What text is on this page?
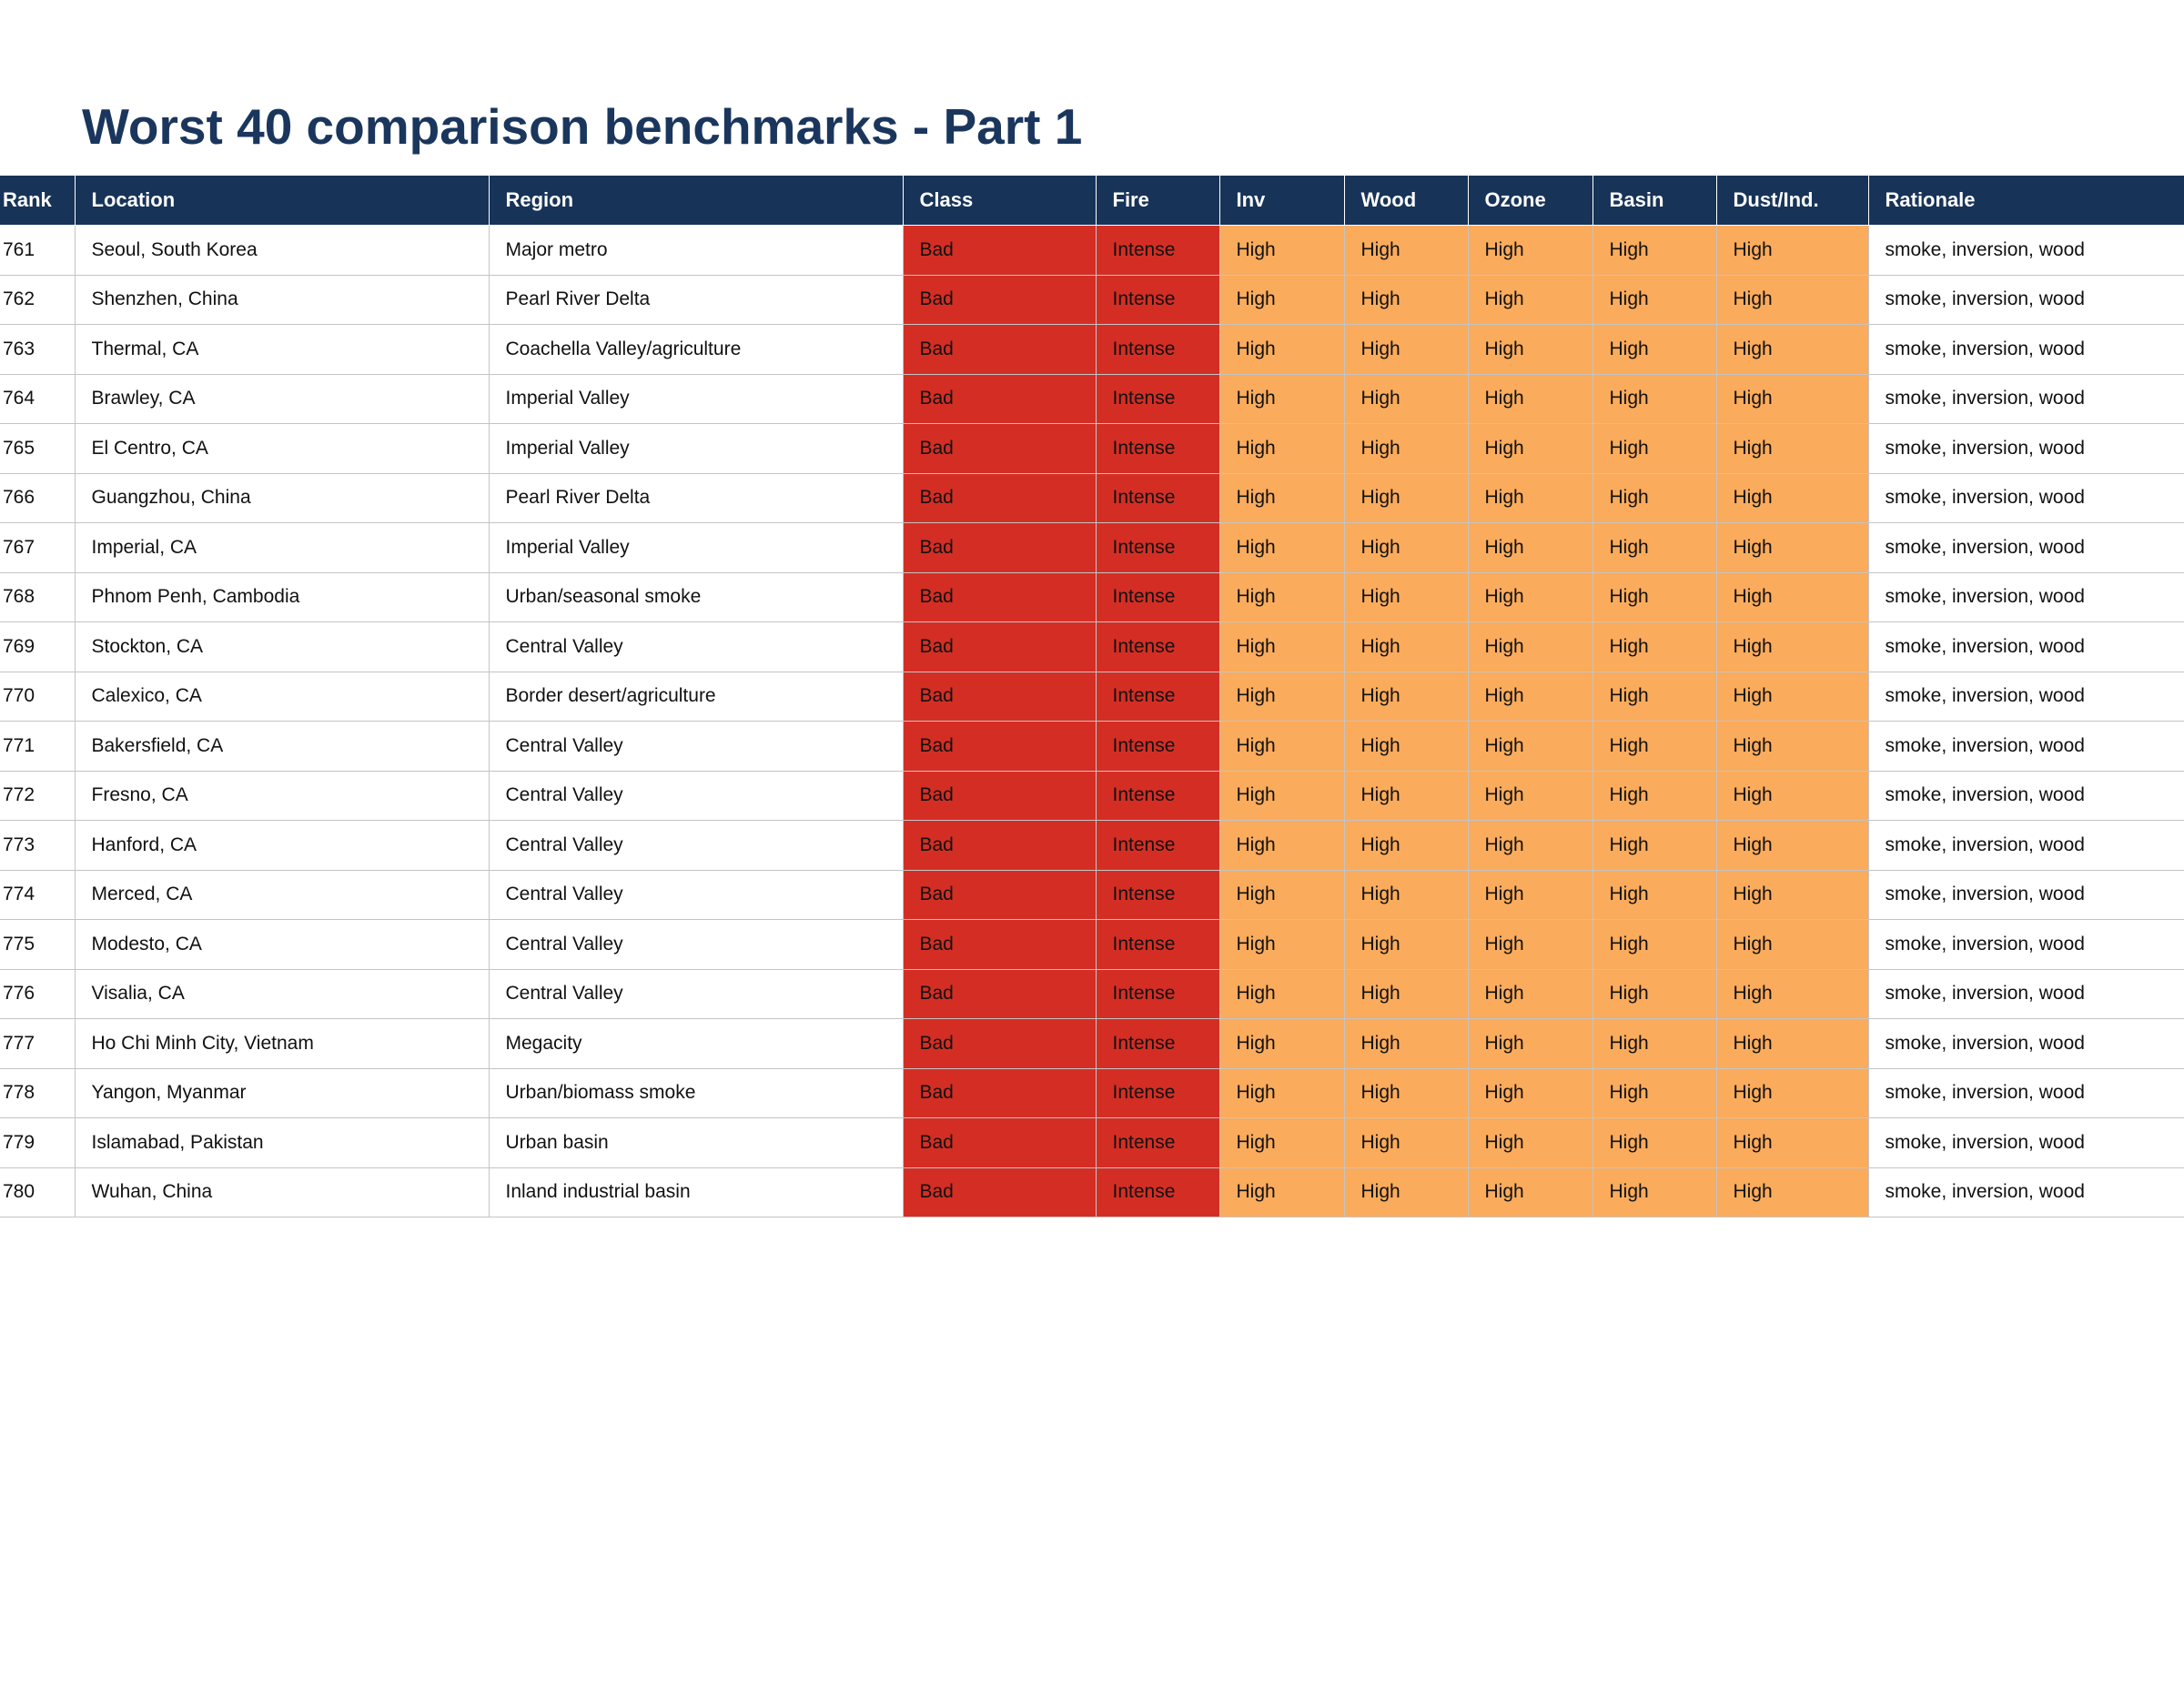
Worst 40 comparison benchmarks - Part 1
Rank	Location	Region	Class	Fire	Inv	Wood	Ozone	Basin	Dust/Ind.	Rationale
761	Seoul, South Korea	Major metro	Bad	Intense	High	High	High	High	High	smoke, inversion, wood
762	Shenzhen, China	Pearl River Delta	Bad	Intense	High	High	High	High	High	smoke, inversion, wood
763	Thermal, CA	Coachella Valley/agriculture	Bad	Intense	High	High	High	High	High	smoke, inversion, wood
764	Brawley, CA	Imperial Valley	Bad	Intense	High	High	High	High	High	smoke, inversion, wood
765	El Centro, CA	Imperial Valley	Bad	Intense	High	High	High	High	High	smoke, inversion, wood
766	Guangzhou, China	Pearl River Delta	Bad	Intense	High	High	High	High	High	smoke, inversion, wood
767	Imperial, CA	Imperial Valley	Bad	Intense	High	High	High	High	High	smoke, inversion, wood
768	Phnom Penh, Cambodia	Urban/seasonal smoke	Bad	Intense	High	High	High	High	High	smoke, inversion, wood
769	Stockton, CA	Central Valley	Bad	Intense	High	High	High	High	High	smoke, inversion, wood
770	Calexico, CA	Border desert/agriculture	Bad	Intense	High	High	High	High	High	smoke, inversion, wood
771	Bakersfield, CA	Central Valley	Bad	Intense	High	High	High	High	High	smoke, inversion, wood
772	Fresno, CA	Central Valley	Bad	Intense	High	High	High	High	High	smoke, inversion, wood
773	Hanford, CA	Central Valley	Bad	Intense	High	High	High	High	High	smoke, inversion, wood
774	Merced, CA	Central Valley	Bad	Intense	High	High	High	High	High	smoke, inversion, wood
775	Modesto, CA	Central Valley	Bad	Intense	High	High	High	High	High	smoke, inversion, wood
776	Visalia, CA	Central Valley	Bad	Intense	High	High	High	High	High	smoke, inversion, wood
777	Ho Chi Minh City, Vietnam	Megacity	Bad	Intense	High	High	High	High	High	smoke, inversion, wood
778	Yangon, Myanmar	Urban/biomass smoke	Bad	Intense	High	High	High	High	High	smoke, inversion, wood
779	Islamabad, Pakistan	Urban basin	Bad	Intense	High	High	High	High	High	smoke, inversion, wood
780	Wuhan, China	Inland industrial basin	Bad	Intense	High	High	High	High	High	smoke, inversion, wood
